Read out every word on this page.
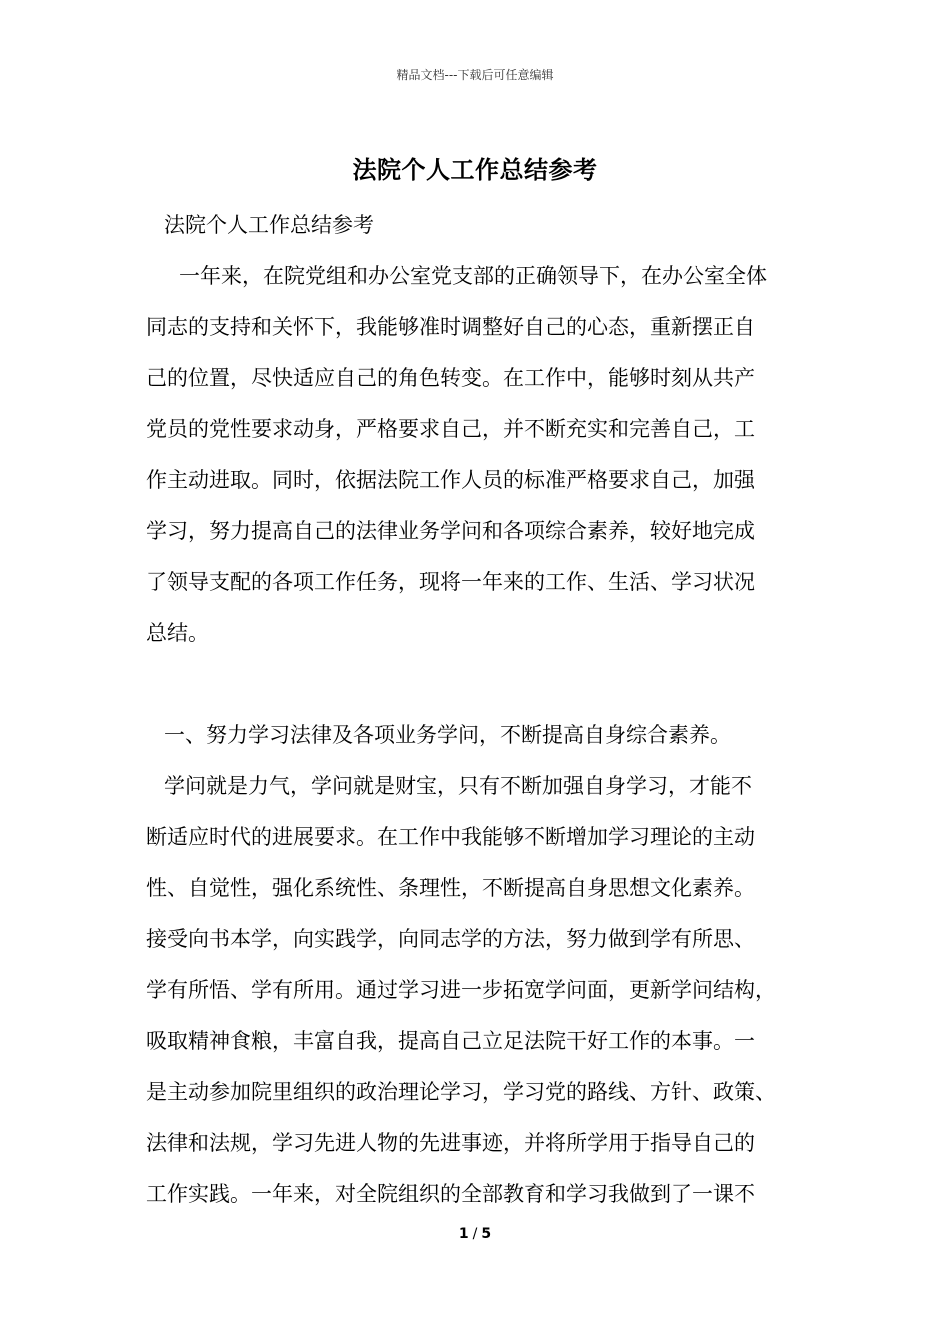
精品文档---下载后可任意编辑
法院个人工作总结参考
法院个人工作总结参考
一年来，在院党组和办公室党支部的正确领导下，在办公室全体
同志的支持和关怀下，我能够准时调整好自己的心态，重新摆正自
己的位置，尽快适应自己的角色转变。在工作中，能够时刻从共产
党员的党性要求动身，严格要求自己，并不断充实和完善自己，工
作主动进取。同时，依据法院工作人员的标准严格要求自己，加强
学习，努力提高自己的法律业务学问和各项综合素养，较好地完成
了领导支配的各项工作任务，现将一年来的工作、生活、学习状况
总结。
一、努力学习法律及各项业务学问，不断提高自身综合素养。
学问就是力气，学问就是财宝，只有不断加强自身学习，才能不
断适应时代的进展要求。在工作中我能够不断增加学习理论的主动
性、自觉性，强化系统性、条理性，不断提高自身思想文化素养。
接受向书本学，向实践学，向同志学的方法，努力做到学有所思、
学有所悟、学有所用。通过学习进一步拓宽学问面，更新学问结构，
吸取精神食粮，丰富自我，提高自己立足法院干好工作的本事。一
是主动参加院里组织的政治理论学习，学习党的路线、方针、政策、
法律和法规，学习先进人物的先进事迹，并将所学用于指导自己的
工作实践。一年来，对全院组织的全部教育和学习我做到了一课不
1 / 5
